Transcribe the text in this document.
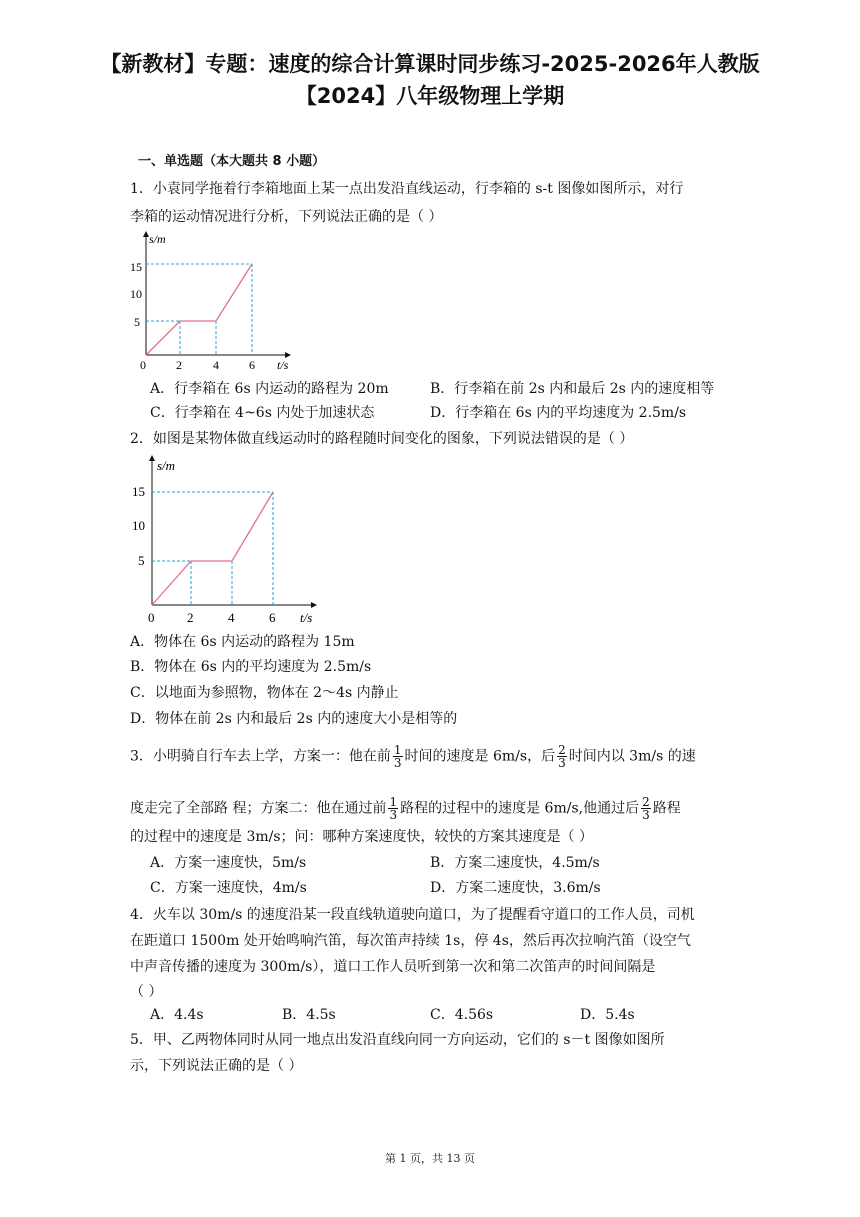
【新教材】专题：速度的综合计算课时同步练习-2025-2026年人教版【2024】八年级物理上学期
一、单选题（本大题共 8 小题）
1．小袁同学拖着行李箱地面上某一点出发沿直线运动，行李箱的 s-t 图像如图所示，对行
李箱的运动情况进行分析，下列说法正确的是（ ）
s/m
t/s
15
10
5
0	2	4	6
A．行李箱在 6s 内运动的路程为 20m	B．行李箱在前 2s 内和最后 2s 内的速度相等
C．行李箱在 4~6s 内处于加速状态	D．行李箱在 6s 内的平均速度为 2.5m/s
2．如图是某物体做直线运动时的路程随时间变化的图象，下列说法错误的是（ ）
s/m
t/s
15
10
5
0	2	4	6
A．物体在 6s 内运动的路程为 15m
B．物体在 6s 内的平均速度为 2.5m/s
C．以地面为参照物，物体在 2～4s 内静止
D．物体在前 2s 内和最后 2s 内的速度大小是相等的
3．小明骑自行车去上学，方案一：他在前 $\frac{1}{3}$ 时间的速度是 6m/s，后 $\frac{2}{3}$ 时间内以 3m/s 的速
度走完了全部路 程；方案二：他在通过前 $\frac{1}{3}$ 路程的过程中的速度是 6m/s,他通过后 $\frac{2}{3}$ 路程
的过程中的速度是 3m/s；问：哪种方案速度快，较快的方案其速度是（ ）
A．方案一速度快，5m/s	B．方案二速度快，4.5m/s
C．方案一速度快，4m/s	D．方案二速度快，3.6m/s
4．火车以 30m/s 的速度沿某一段直线轨道驶向道口，为了提醒看守道口的工作人员，司机
在距道口 1500m 处开始鸣响汽笛，每次笛声持续 1s，停 4s，然后再次拉响汽笛（设空气
中声音传播的速度为 300m/s），道口工作人员听到第一次和第二次笛声的时间间隔是
（ ）
A．4.4s	B．4.5s	C．4.56s	D．5.4s
5．甲、乙两物体同时从同一地点出发沿直线向同一方向运动，它们的 s－t 图像如图所
示，下列说法正确的是（ ）
第 1 页，共 13 页
